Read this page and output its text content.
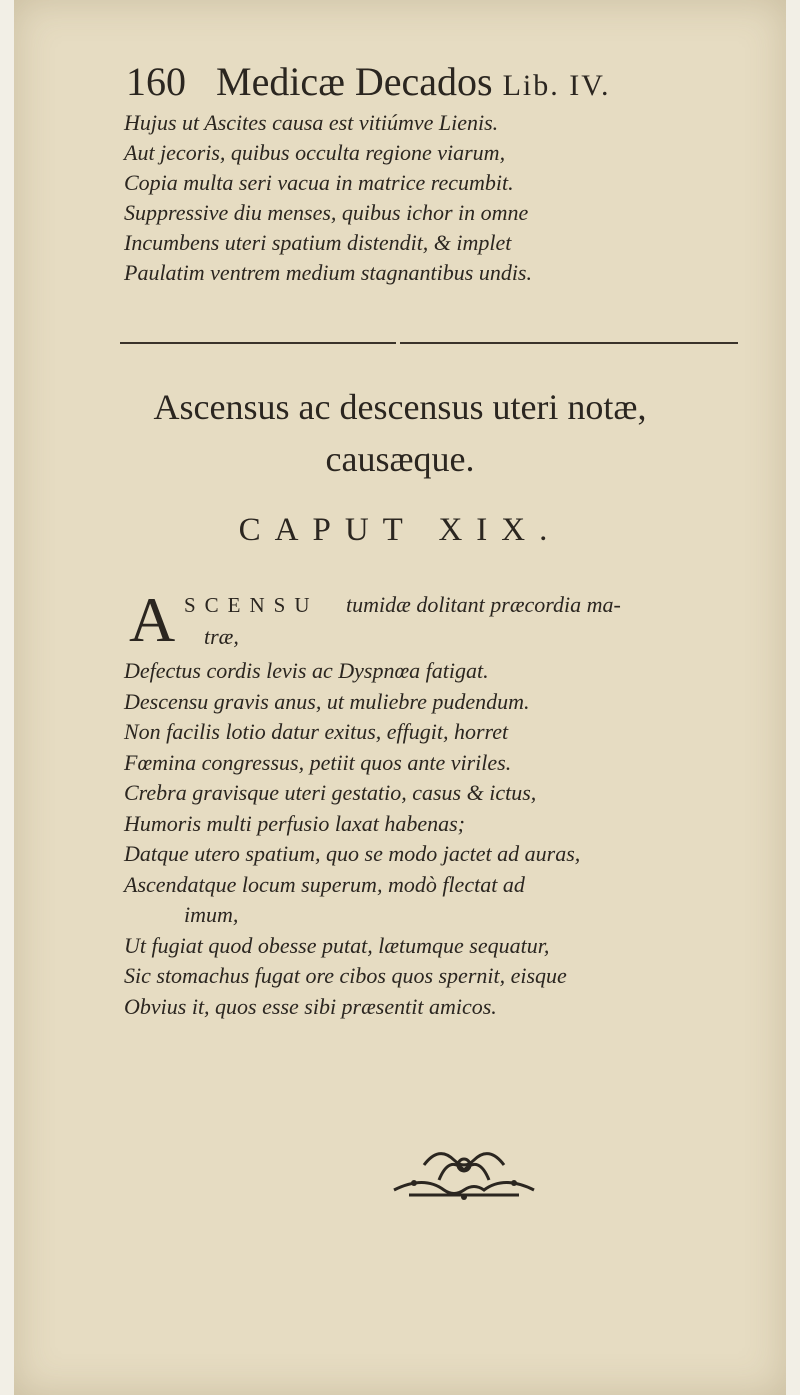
160 Medicæ Decados Lib. IV.
Hujus ut Ascites causa est vitiúmve Lienis.
Aut jecoris, quibus occulta regione viarum,
Copia multa seri vacua in matrice recumbit.
Suppressive diu menses, quibus ichor in omne
Incumbens uteri spatium distendit, & implet
Paulatim ventrem medium stagnantibus undis.
Ascensus ac descensus uteri notæ,
causæque.
CAPUT XIX.
A SCENSU tumidæ dolitant præcordia ma-
træ,
Defectus cordis levis ac Dyspnœa fatigat.
Descensu gravis anus, ut muliebre pudendum.
Non facilis lotio datur exitus, effugit, horret
Fœmina congressus, petiit quos ante viriles.
Crebra gravisque uteri gestatio, casus & ictus,
Humoris multi perfusio laxat habenas;
Datque utero spatium, quo se modo jactet ad auras,
Ascendatque locum superum, modò flectat ad
imum,
Ut fugiat quod obesse putat, lætumque sequatur,
Sic stomachus fugat ore cibos quos spernit, eisque
Obvius it, quos esse sibi præsentit amicos.
